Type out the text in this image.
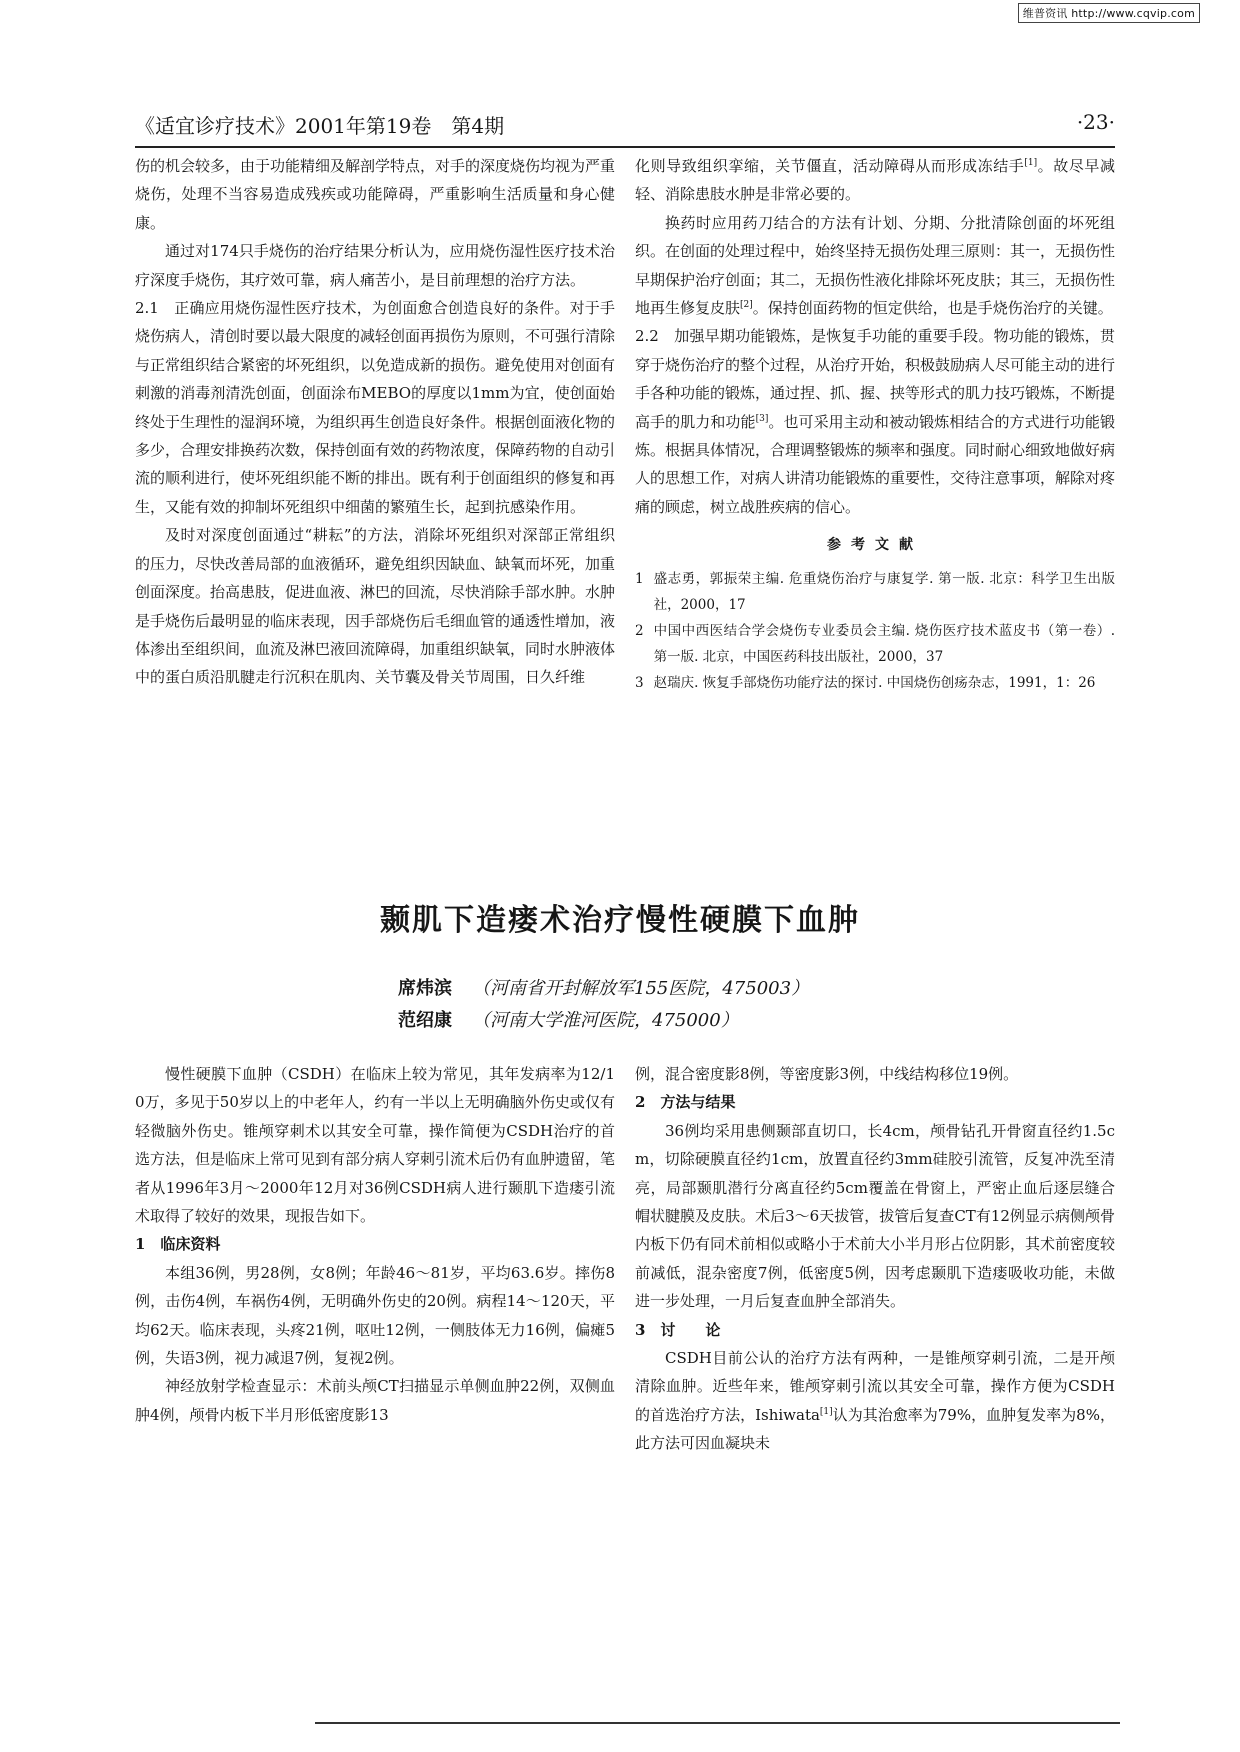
维普资讯 http://www.cqvip.com
《适宜诊疗技术》2001年第19卷　第4期	·23·

伤的机会较多，由于功能精细及解剖学特点，对手的深度烧伤均视为严重烧伤，处理不当容易造成残疾或功能障碍，严重影响生活质量和身心健康。

通过对174只手烧伤的治疗结果分析认为，应用烧伤湿性医疗技术治疗深度手烧伤，其疗效可靠，病人痛苦小，是目前理想的治疗方法。

2.1　正确应用烧伤湿性医疗技术，为创面愈合创造良好的条件。对于手烧伤病人，清创时要以最大限度的减轻创面再损伤为原则，不可强行清除与正常组织结合紧密的坏死组织，以免造成新的损伤。避免使用对创面有刺激的消毒剂清洗创面，创面涂布MEBO的厚度以1mm为宜，使创面始终处于生理性的湿润环境，为组织再生创造良好条件。根据创面液化物的多少，合理安排换药次数，保持创面有效的药物浓度，保障药物的自动引流的顺利进行，使坏死组织能不断的排出。既有利于创面组织的修复和再生，又能有效的抑制坏死组织中细菌的繁殖生长，起到抗感染作用。

及时对深度创面通过“耕耘”的方法，消除坏死组织对深部正常组织的压力，尽快改善局部的血液循环，避免组织因缺血、缺氧而坏死，加重创面深度。抬高患肢，促进血液、淋巴的回流，尽快消除手部水肿。水肿是手烧伤后最明显的临床表现，因手部烧伤后毛细血管的通透性增加，液体渗出至组织间，血流及淋巴液回流障碍，加重组织缺氧，同时水肿液体中的蛋白质沿肌腱走行沉积在肌肉、关节囊及骨关节周围，日久纤维

化则导致组织挛缩，关节僵直，活动障碍从而形成冻结手[1]。故尽早减轻、消除患肢水肿是非常必要的。

换药时应用药刀结合的方法有计划、分期、分批清除创面的坏死组织。在创面的处理过程中，始终坚持无损伤处理三原则：其一，无损伤性早期保护治疗创面；其二，无损伤性液化排除坏死皮肤；其三，无损伤性地再生修复皮肤[2]。保持创面药物的恒定供给，也是手烧伤治疗的关键。

2.2　加强早期功能锻炼，是恢复手功能的重要手段。物功能的锻炼，贯穿于烧伤治疗的整个过程，从治疗开始，积极鼓励病人尽可能主动的进行手各种功能的锻炼，通过捏、抓、握、挟等形式的肌力技巧锻炼，不断提高手的肌力和功能[3]。也可采用主动和被动锻炼相结合的方式进行功能锻炼。根据具体情况，合理调整锻炼的频率和强度。同时耐心细致地做好病人的思想工作，对病人讲清功能锻炼的重要性，交待注意事项，解除对疼痛的顾虑，树立战胜疾病的信心。

参考文献
1 盛志勇，郭振荣主编. 危重烧伤治疗与康复学. 第一版. 北京：科学卫生出版社，2000，17
2 中国中西医结合学会烧伤专业委员会主编. 烧伤医疗技术蓝皮书（第一卷）. 第一版. 北京，中国医药科技出版社，2000，37
3 赵瑞庆. 恢复手部烧伤功能疗法的探讨. 中国烧伤创疡杂志，1991，1：26
颞肌下造瘘术治疗慢性硬膜下血肿
席炜滨 （河南省开封解放军155医院，475003）
范绍康 （河南大学淮河医院，475000）

慢性硬膜下血肿（CSDH）在临床上较为常见，其年发病率为12/10万，多见于50岁以上的中老年人，约有一半以上无明确脑外伤史或仅有轻微脑外伤史。锥颅穿刺术以其安全可靠，操作简便为CSDH治疗的首选方法，但是临床上常可见到有部分病人穿刺引流术后仍有血肿遗留，笔者从1996年3月～2000年12月对36例CSDH病人进行颞肌下造瘘引流术取得了较好的效果，现报告如下。

1　临床资料

本组36例，男28例，女8例；年龄46～81岁，平均63.6岁。摔伤8例，击伤4例，车祸伤4例，无明确外伤史的20例。病程14～120天，平均62天。临床表现，头疼21例，呕吐12例，一侧肢体无力16例，偏瘫5例，失语3例，视力减退7例，复视2例。

神经放射学检查显示：术前头颅CT扫描显示单侧血肿22例，双侧血肿4例，颅骨内板下半月形低密度影13

例，混合密度影8例，等密度影3例，中线结构移位19例。

2　方法与结果

36例均采用患侧颞部直切口，长4cm，颅骨钻孔开骨窗直径约1.5cm，切除硬膜直径约1cm，放置直径约3mm硅胶引流管，反复冲洗至清亮，局部颞肌潜行分离直径约5cm覆盖在骨窗上，严密止血后逐层缝合帽状腱膜及皮肤。术后3～6天拔管，拔管后复查CT有12例显示病侧颅骨内板下仍有同术前相似或略小于术前大小半月形占位阴影，其术前密度较前减低，混杂密度7例，低密度5例，因考虑颞肌下造瘘吸收功能，未做进一步处理，一月后复查血肿全部消失。

3　讨　　论

CSDH目前公认的治疗方法有两种，一是锥颅穿刺引流，二是开颅清除血肿。近些年来，锥颅穿刺引流以其安全可靠，操作方便为CSDH的首选治疗方法，Ishiwata[1]认为其治愈率为79%，血肿复发率为8%，此方法可因血凝块未
